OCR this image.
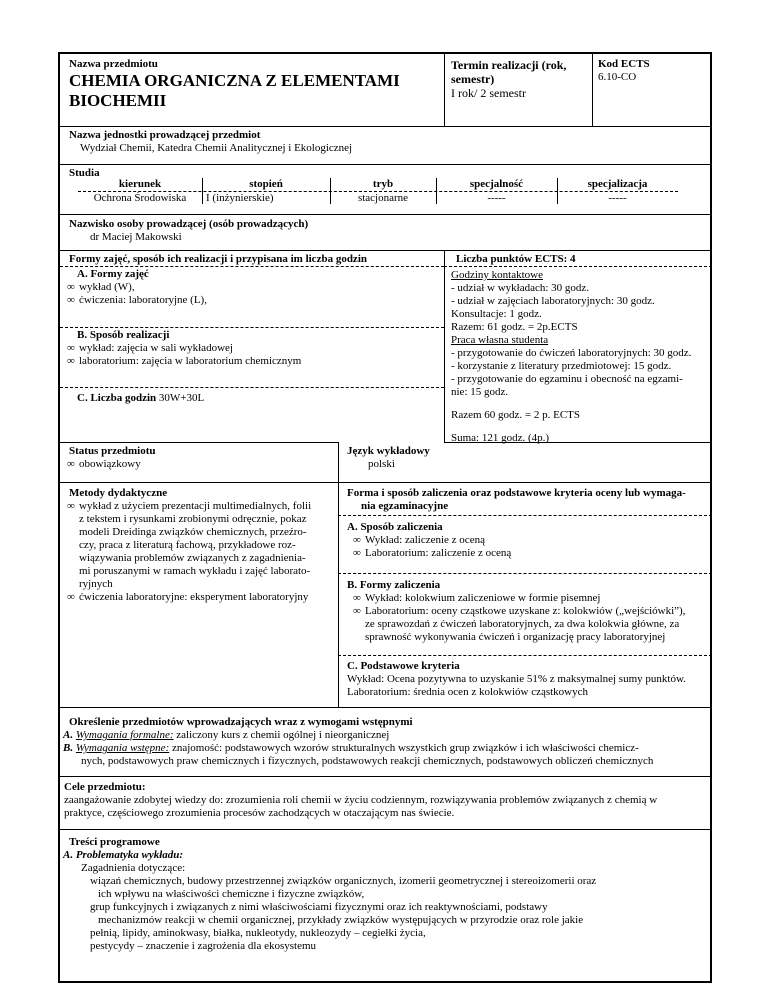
Nazwa przedmiotu
CHEMIA ORGANICZNA Z ELEMENTAMI
BIOCHEMII
Termin realizacji (rok,
semestr)
I rok/ 2 semestr
Kod ECTS
6.10-CO
Nazwa jednostki prowadzącej przedmiot
Wydział Chemii, Katedra Chemii Analitycznej i Ekologicznej
Studia
kierunek
Ochrona Środowiska
stopień
I (inżynierskie)
tryb
stacjonarne
specjalność
-----
specjalizacja
-----
Nazwisko osoby prowadzącej (osób prowadzących)
dr Maciej Makowski
Formy zajęć, sposób ich realizacji i przypisana im liczba godzin
A. Formy zajęć
∞ wykład (W),
∞ ćwiczenia: laboratoryjne (L),
B. Sposób realizacji
∞ wykład: zajęcia w sali wykładowej
∞ laboratorium: zajęcia w laboratorium chemicznym
C. Liczba godzin 30W+30L
Liczba punktów ECTS: 4
Godziny kontaktowe
- udział w wykładach: 30 godz.
- udział w zajęciach laboratoryjnych: 30 godz.
Konsultacje: 1 godz.
Razem: 61 godz. = 2p.ECTS
Praca własna studenta
- przygotowanie do ćwiczeń laboratoryjnych: 30 godz.
- korzystanie z literatury przedmiotowej: 15 godz.
- przygotowanie do egzaminu i obecność na egzami-
nie: 15 godz.
Razem 60 godz. = 2 p. ECTS
Suma: 121 godz. (4p.)
Status przedmiotu
∞ obowiązkowy
Język wykładowy
polski
Metody dydaktyczne
∞ wykład z użyciem prezentacji multimedialnych, folii
z tekstem i rysunkami zrobionymi odręcznie, pokaz
modeli Dreidinga związków chemicznych, przeźro-
czy, praca z literaturą fachową, przykładowe roz-
wiązywania problemów związanych z zagadnienia-
mi poruszanymi w ramach wykładu i zajęć laborato-
ryjnych
∞ ćwiczenia laboratoryjne: eksperyment laboratoryjny
Forma i sposób zaliczenia oraz podstawowe kryteria oceny lub wymaga-
nia egzaminacyjne
A. Sposób zaliczenia
∞ Wykład: zaliczenie z oceną
∞ Laboratorium: zaliczenie z oceną
B. Formy zaliczenia
∞ Wykład: kolokwium zaliczeniowe w formie pisemnej
∞ Laboratorium: oceny cząstkowe uzyskane z: kolokwiów („wejściówki”),
ze sprawozdań z ćwiczeń laboratoryjnych, za dwa kolokwia główne, za
sprawność wykonywania ćwiczeń i organizację pracy laboratoryjnej
C. Podstawowe kryteria
Wykład: Ocena pozytywna to uzyskanie 51% z maksymalnej sumy punktów.
Laboratorium: średnia ocen z kolokwiów cząstkowych
Określenie przedmiotów wprowadzających wraz z wymogami wstępnymi
A. Wymagania formalne: zaliczony kurs z chemii ogólnej i nieorganicznej
B. Wymagania wstępne: znajomość: podstawowych wzorów strukturalnych wszystkich grup związków i ich właściwości chemicz-
nych, podstawowych praw chemicznych i fizycznych, podstawowych reakcji chemicznych, podstawowych obliczeń chemicznych
Cele przedmiotu:
zaangażowanie zdobytej wiedzy do: zrozumienia roli chemii w życiu codziennym, rozwiązywania problemów związanych z chemią w
praktyce, częściowego zrozumienia procesów zachodzących w otaczającym nas świecie.
Treści programowe
A. Problematyka wykładu:
Zagadnienia dotyczące:
wiązań chemicznych, budowy przestrzennej związków organicznych, izomerii geometrycznej i stereoizomerii oraz
ich wpływu na właściwości chemiczne i fizyczne związków,
grup funkcyjnych i związanych z nimi właściwościami fizycznymi oraz ich reaktywnościami, podstawy
mechanizmów reakcji w chemii organicznej, przykłady związków występujących w przyrodzie oraz role jakie
pełnią, lipidy, aminokwasy, białka, nukleotydy, nukleozydy – cegiełki życia,
pestycydy – znaczenie i zagrożenia dla ekosystemu
